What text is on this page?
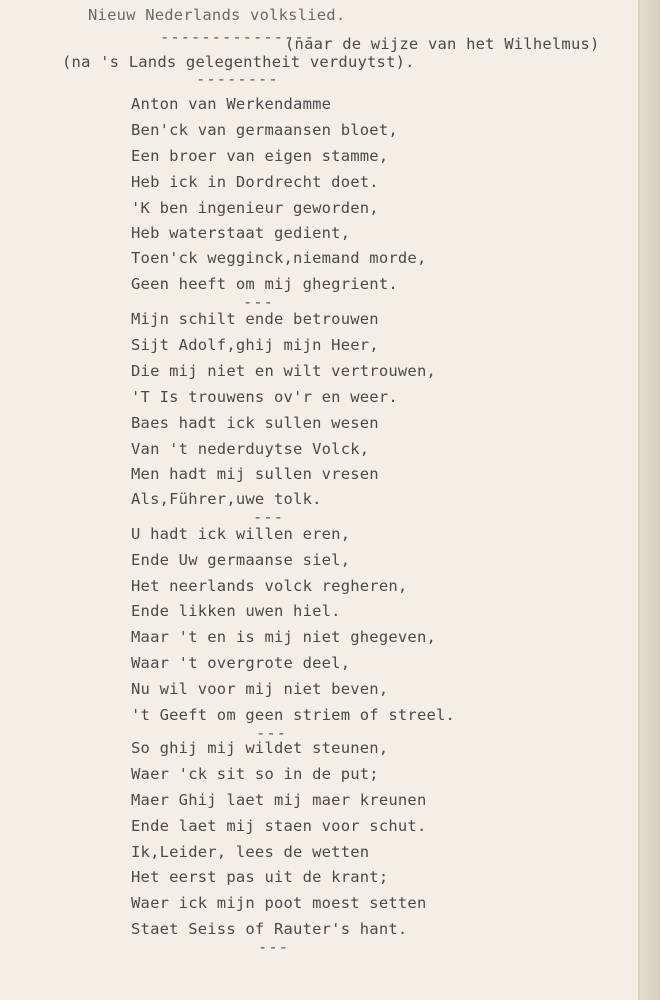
Nieuw Nederlands volkslied.
---------------
(naar de wijze van het Wilhelmus)
(na 's Lands gelegentheit verduytst).
--------
Anton van Werkendamme
Ben'ck van germaansen bloet,
Een broer van eigen stamme,
Heb ick in Dordrecht doet.
'K ben ingenieur geworden,
Heb waterstaat gedient,
Toen'ck wegginck,niemand morde,
Geen heeft om mij ghegrient.
---
Mijn schilt ende betrouwen
Sijt Adolf,ghij mijn Heer,
Die mij niet en wilt vertrouwen,
'T Is trouwens ov'r en weer.
Baes hadt ick sullen wesen
Van 't nederduytse Volck,
Men hadt mij sullen vresen
Als,Führer,uwe tolk.
---
U hadt ick willen eren,
Ende Uw germaanse siel,
Het neerlands volck regheren,
Ende likken uwen hiel.
Maar 't en is mij niet ghegeven,
Waar 't overgrote deel,
Nu wil voor mij niet beven,
't Geeft om geen striem of streel.
---
So ghij mij wildet steunen,
Waer 'ck sit so in de put;
Maer Ghij laet mij maer kreunen
Ende laet mij staen voor schut.
Ik,Leider, lees de wetten
Het eerst pas uit de krant;
Waer ick mijn poot moest setten
Staet Seiss of Rauter's hant.
---
